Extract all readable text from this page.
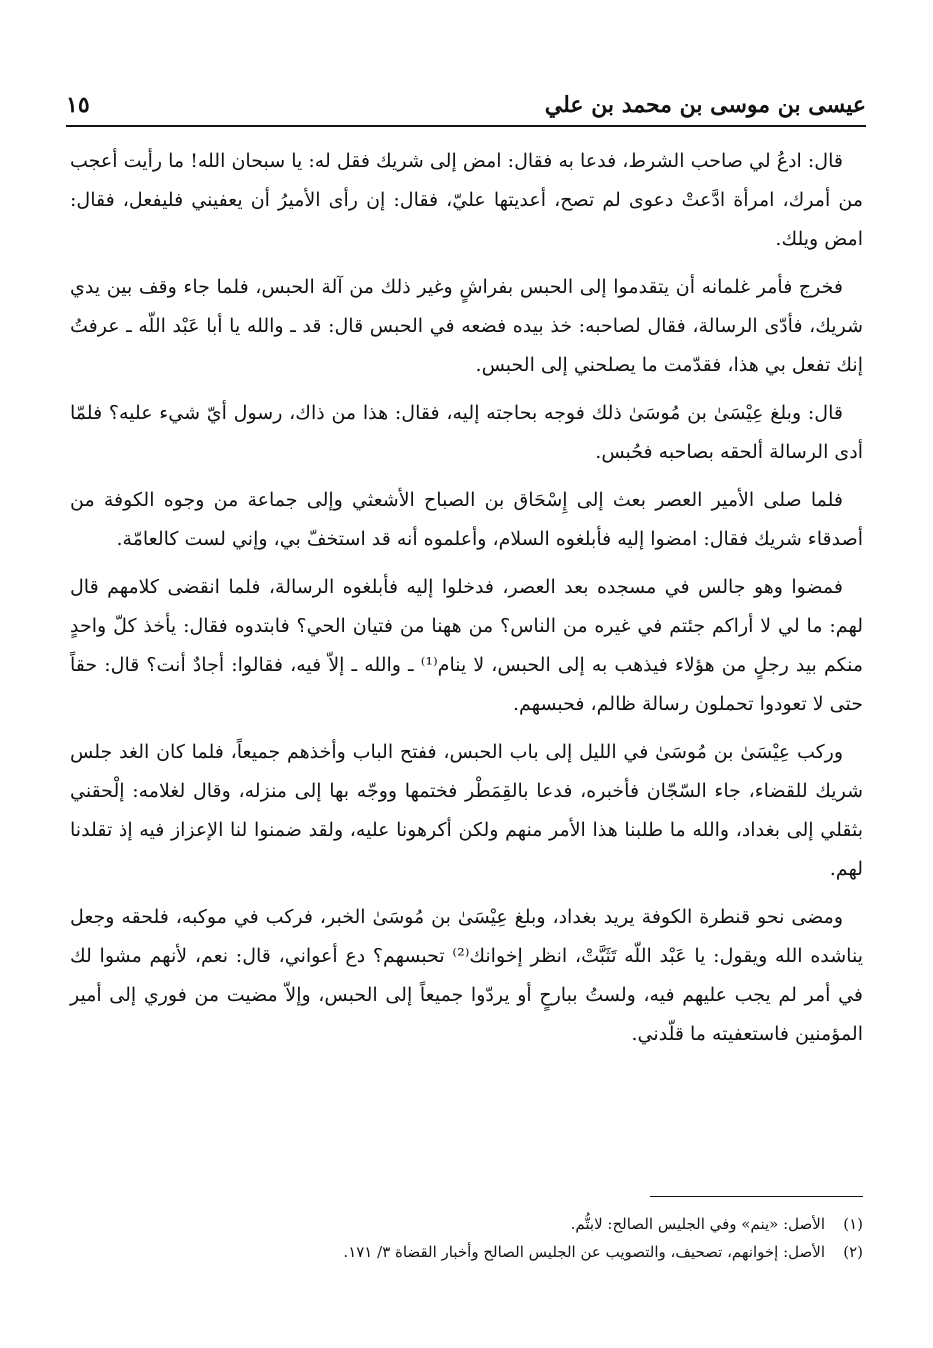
عيسى بن موسى بن محمد بن علي
١٥

قال: ادعُ لي صاحب الشرط، فدعا به فقال: امض إلى شريك فقل له: يا سبحان الله! ما رأيت أعجب من أمرك، امرأة ادَّعتْ دعوى لم تصح، أعديتها عليّ، فقال: إن رأى الأميرُ أن يعفيني فليفعل، فقال: امض ويلك.

فخرج فأمر غلمانه أن يتقدموا إلى الحبس بفراشٍ وغير ذلك من آلة الحبس، فلما جاء وقف بين يدي شريك، فأدّى الرسالة، فقال لصاحبه: خذ بيده فضعه في الحبس قال: قد ـ والله يا أبا عَبْد اللّه ـ عرفتُ إنك تفعل بي هذا، فقدّمت ما يصلحني إلى الحبس.

قال: وبلغ عِيْسَىٰ بن مُوسَىٰ ذلك فوجه بحاجته إليه، فقال: هذا من ذاك، رسول أيّ شيء عليه؟ فلمّا أدى الرسالة ألحقه بصاحبه فحُبس.

فلما صلى الأمير العصر بعث إلى إِسْحَاق بن الصباح الأشعثي وإلى جماعة من وجوه الكوفة من أصدقاء شريك فقال: امضوا إليه فأبلغوه السلام، وأعلموه أنه قد استخفّ بي، وإني لست كالعامّة.

فمضوا وهو جالس في مسجده بعد العصر، فدخلوا إليه فأبلغوه الرسالة، فلما انقضى كلامهم قال لهم: ما لي لا أراكم جئتم في غيره من الناس؟ من ههنا من فتيان الحي؟ فابتدوه فقال: يأخذ كلّ واحدٍ منكم بيد رجلٍ من هؤلاء فيذهب به إلى الحبس، لا ينام⁽¹⁾ ـ والله ـ إلاّ فيه، فقالوا: أجادٌ أنت؟ قال: حقاً حتى لا تعودوا تحملون رسالة ظالم، فحبسهم.

وركب عِيْسَىٰ بن مُوسَىٰ في الليل إلى باب الحبس، ففتح الباب وأخذهم جميعاً، فلما كان الغد جلس شريك للقضاء، جاء السّجّان فأخبره، فدعا بالقِمَطْر فختمها ووجّه بها إلى منزله، وقال لغلامه: إلْحقني بثقلي إلى بغداد، والله ما طلبنا هذا الأمر منهم ولكن أكرهونا عليه، ولقد ضمنوا لنا الإعزاز فيه إذ تقلدنا لهم.

ومضى نحو قنطرة الكوفة يريد بغداد، وبلغ عِيْسَىٰ بن مُوسَىٰ الخبر، فركب في موكبه، فلحقه وجعل يناشده الله ويقول: يا عَبْد اللّه تَثَبَّتْ، انظر إخوانك⁽²⁾ تحبسهم؟ دع أعواني، قال: نعم، لأنهم مشوا لك في أمر لم يجب عليهم فيه، ولستُ ببارحٍ أو يردّوا جميعاً إلى الحبس، وإلاّ مضيت من فوري إلى أمير المؤمنين فاستعفيته ما قلّدني.

(١)
الأصل: «ينم» وفي الجليس الصالح: لابتُّم.
(٢)
الأصل: إخوانهم، تصحيف، والتصويب عن الجليس الصالح وأخبار القضاة ٣/ ١٧١.
